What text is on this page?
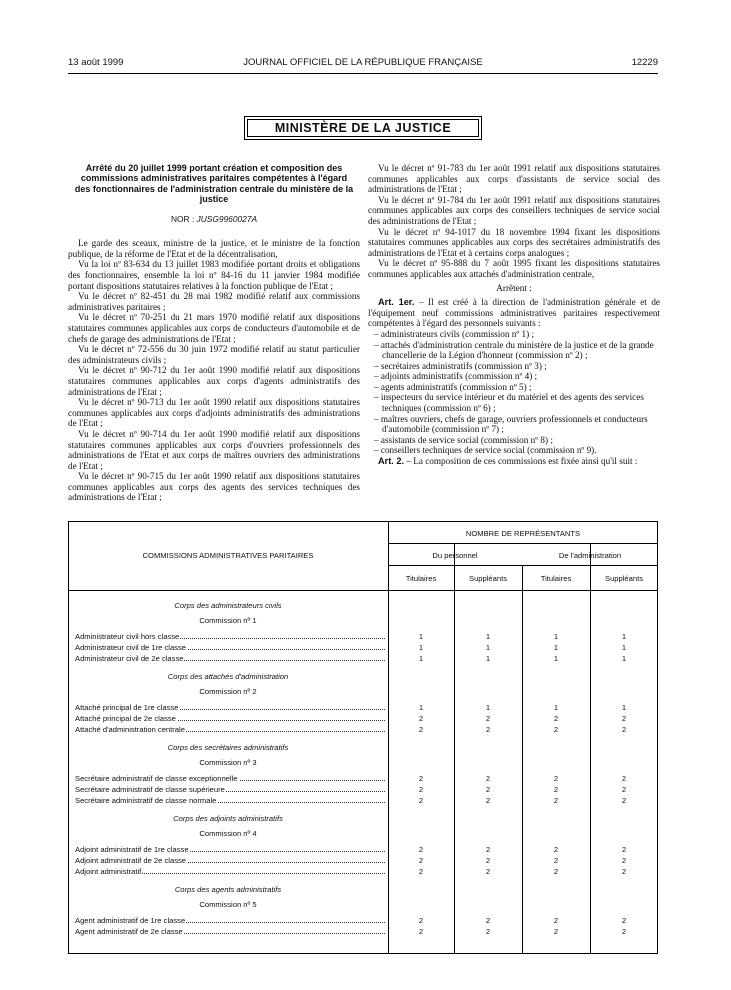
13 août 1999	JOURNAL OFFICIEL DE LA RÉPUBLIQUE FRANÇAISE	12229
MINISTÈRE DE LA JUSTICE
Arrêté du 20 juillet 1999 portant création et composition des commissions administratives paritaires compétentes à l'égard des fonctionnaires de l'administration centrale du ministère de la justice
NOR : JUSG9960027A

Le garde des sceaux, ministre de la justice, et le ministre de la fonction publique, de la réforme de l'Etat et de la décentralisation,

Vu la loi nº 83-634 du 13 juillet 1983 modifiée portant droits et obligations des fonctionnaires, ensemble la loi nº 84-16 du 11 janvier 1984 modifiée portant dispositions statutaires relatives à la fonction publique de l'Etat ;

Vu le décret nº 82-451 du 28 mai 1982 modifié relatif aux commissions administratives paritaires ;

Vu le décret nº 70-251 du 21 mars 1970 modifié relatif aux dispositions statutaires communes applicables aux corps de conducteurs d'automobile et de chefs de garage des administrations de l'Etat ;

Vu le décret nº 72-556 du 30 juin 1972 modifié relatif au statut particulier des administrateurs civils ;

Vu le décret nº 90-712 du 1er août 1990 modifié relatif aux dispositions statutaires communes applicables aux corps d'agents administratifs des administrations de l'Etat ;

Vu le décret nº 90-713 du 1er août 1990 relatif aux dispositions statutaires communes applicables aux corps d'adjoints administratifs des administrations de l'Etat ;

Vu le décret nº 90-714 du 1er août 1990 modifié relatif aux dispositions statutaires communes applicables aux corps d'ouvriers professionnels des administrations de l'Etat et aux corps de maîtres ouvriers des administrations de l'Etat ;

Vu le décret nº 90-715 du 1er août 1990 relatif aux dispositions statutaires communes applicables aux corps des agents des services techniques des administrations de l'Etat ;

Vu le décret nº 91-783 du 1er août 1991 relatif aux dispositions statutaires communes applicables aux corps d'assistants de service social des administrations de l'Etat ;

Vu le décret nº 91-784 du 1er août 1991 relatif aux dispositions statutaires communes applicables aux corps des conseillers techniques de service social des administrations de l'Etat ;

Vu le décret nº 94-1017 du 18 novembre 1994 fixant les dispositions statutaires communes applicables aux corps des secrétaires administratifs des administrations de l'Etat et à certains corps analogues ;

Vu le décret nº 95-888 du 7 août 1995 fixant les dispositions statutaires communes applicables aux attachés d'administration centrale,

Arrêtent :

Art. 1er. – Il est créé à la direction de l'administration générale et de l'équipement neuf commissions administratives paritaires respectivement compétentes à l'égard des personnels suivants :

– administrateurs civils (commission nº 1) ;
– attachés d'administration centrale du ministère de la justice et de la grande chancellerie de la Légion d'honneur (commission nº 2) ;
– secrétaires administratifs (commission nº 3) ;
– adjoints administratifs (commission nº 4) ;
– agents administratifs (commission nº 5) ;
– inspecteurs du service intérieur et du matériel et des agents des services techniques (commission nº 6) ;
– maîtres ouvriers, chefs de garage, ouvriers professionnels et conducteurs d'automobile (commission nº 7) ;
– assistants de service social (commission nº 8) ;
– conseillers techniques de service social (commission nº 9).

Art. 2. – La composition de ces commissions est fixée ainsi qu'il suit :

COMMISSIONS ADMINISTRATIVES PARITAIRES
NOMBRE DE REPRÉSENTANTS
Du personnel	De l'administration
Titulaires	Suppléants	Titulaires	Suppléants
Corps des administrateurs civils
Commission nº 1
Administrateur civil hors classe	1	1	1	1
Administrateur civil de 1re classe	1	1	1	1
Administrateur civil de 2e classe	1	1	1	1
Corps des attachés d'administration
Commission nº 2
Attaché principal de 1re classe	1	1	1	1
Attaché principal de 2e classe	2	2	2	2
Attaché d'administration centrale	2	2	2	2
Corps des secrétaires administratifs
Commission nº 3
Secrétaire administratif de classe exceptionnelle	2	2	2	2
Secrétaire administratif de classe supérieure	2	2	2	2
Secrétaire administratif de classe normale	2	2	2	2
Corps des adjoints administratifs
Commission nº 4
Adjoint administratif de 1re classe	2	2	2	2
Adjoint administratif de 2e classe	2	2	2	2
Adjoint administratif	2	2	2	2
Corps des agents administratifs
Commission nº 5
Agent administratif de 1re classe	2	2	2	2
Agent administratif de 2e classe	2	2	2	2
